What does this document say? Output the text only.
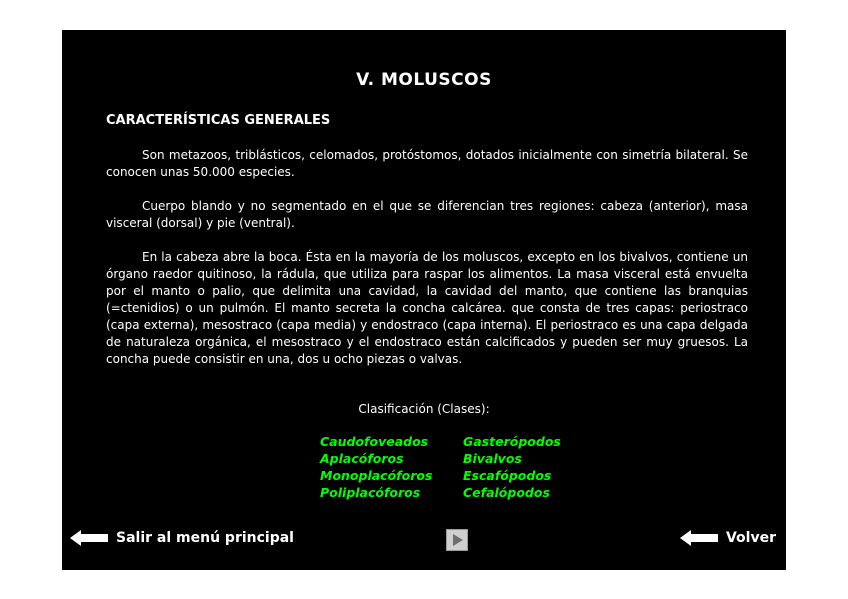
V. MOLUSCOS
CARACTERÍSTICAS GENERALES

Son metazoos, triblásticos, celomados, protóstomos, dotados inicialmente con simetría bilateral. Se conocen unas 50.000 especies.

Cuerpo blando y no segmentado en el que se diferencian tres regiones: cabeza (anterior), masa visceral (dorsal) y pie (ventral).

En la cabeza abre la boca. Ésta en la mayoría de los moluscos, excepto en los bivalvos, contiene un órgano raedor quitinoso, la rádula, que utiliza para raspar los alimentos. La masa visceral está envuelta por el manto o palio, que delimita una cavidad, la cavidad del manto, que contiene las branquias (=ctenidios) o un pulmón. El manto secreta la concha calcárea. que consta de tres capas: periostraco (capa externa), mesostraco (capa media) y endostraco (capa interna). El periostraco es una capa delgada de naturaleza orgánica, el mesostraco y el endostraco están calcificados y pueden ser muy gruesos. La concha puede consistir en una, dos u ocho piezas o valvas.

Clasificación (Clases):
Caudofoveados
Aplacóforos
Monoplacóforos
Poliplacóforos
Gasterópodos
Bivalvos
Escafópodos
Cefalópodos
Salir al menú principal	Volver
